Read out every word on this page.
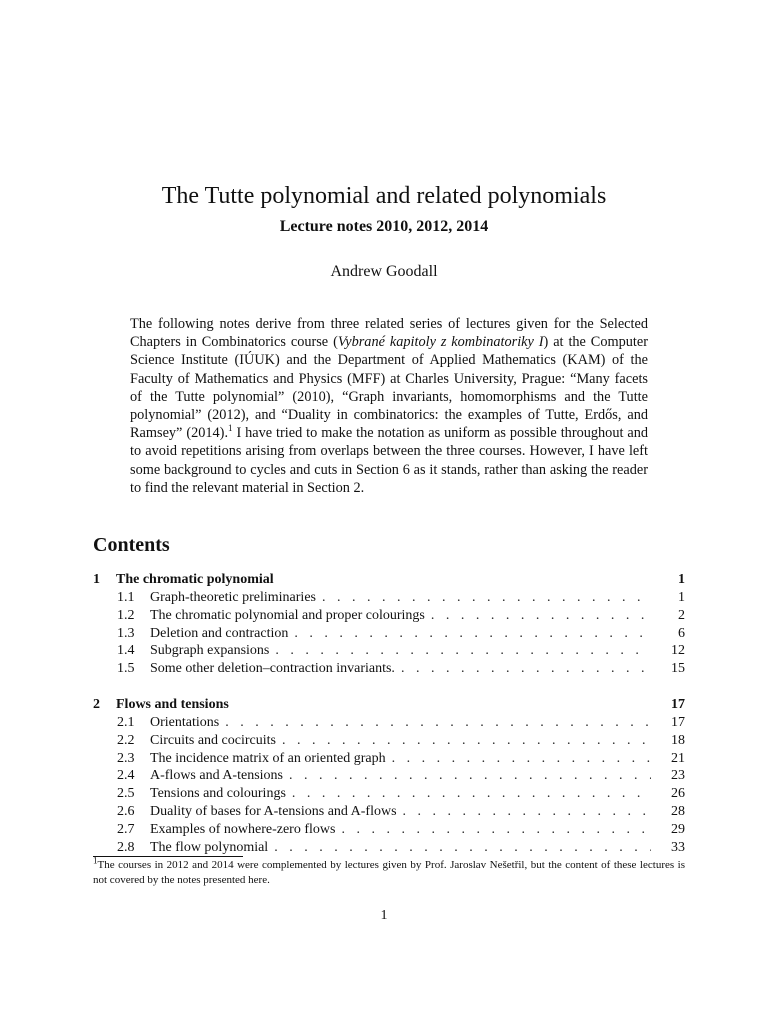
The Tutte polynomial and related polynomials
Lecture notes 2010, 2012, 2014
Andrew Goodall

The following notes derive from three related series of lectures given for the Selected Chapters in Combinatorics course (Vybrané kapitoly z kombinatoriky I) at the Computer Science Institute (IÚUK) and the Department of Applied Mathematics (KAM) of the Faculty of Mathematics and Physics (MFF) at Charles University, Prague: “Many facets of the Tutte polynomial” (2010), “Graph invariants, homomorphisms and the Tutte polynomial” (2012), and “Duality in combinatorics: the examples of Tutte, Erdős, and Ramsey” (2014).$^1$ I have tried to make the notation as uniform as possible throughout and to avoid repetitions arising from overlaps between the three courses. However, I have left some background to cycles and cuts in Section 6 as it stands, rather than asking the reader to find the relevant material in Section 2.

Contents
1	The chromatic polynomial	1
1.1	Graph-theoretic preliminaries . . .	1
1.2	The chromatic polynomial and proper colourings . . .	2
1.3	Deletion and contraction . . .	6
1.4	Subgraph expansions . . .	12
1.5	Some other deletion–contraction invariants. . . .	15
2	Flows and tensions	17
2.1	Orientations . . .	17
2.2	Circuits and cocircuits . . .	18
2.3	The incidence matrix of an oriented graph . . .	21
2.4	A-flows and A-tensions . . .	23
2.5	Tensions and colourings . . .	26
2.6	Duality of bases for A-tensions and A-flows . . .	28
2.7	Examples of nowhere-zero flows . . .	29
2.8	The flow polynomial . . .	33

$^1$The courses in 2012 and 2014 were complemented by lectures given by Prof. Jaroslav Nešetřil, but the content of these lectures is not covered by the notes presented here.

1
